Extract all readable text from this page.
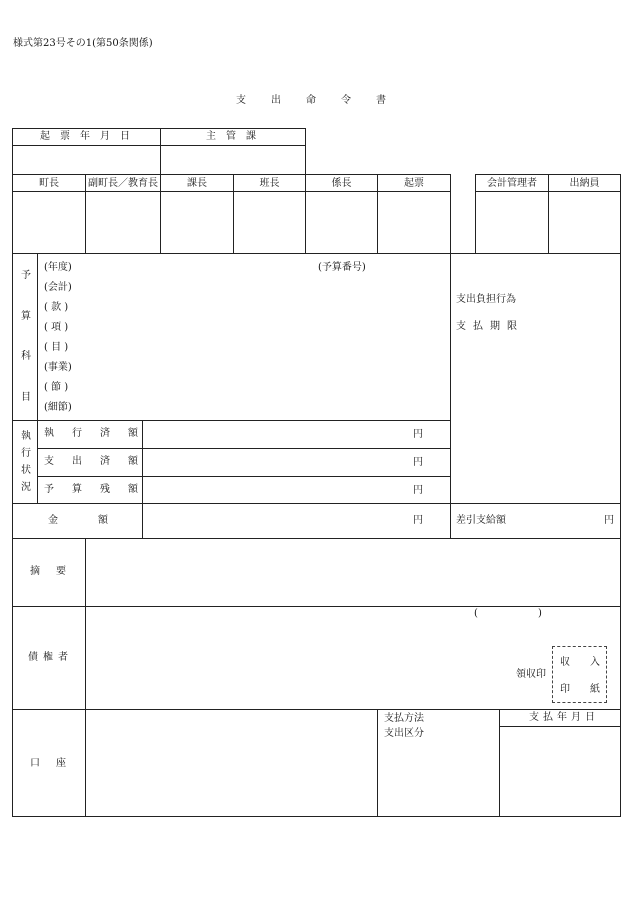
様式第23号その1(第50条関係)
支	出	命	令	書
起 票 年 月 日	主 管 課
町長	副町長／教育長	課長	班長	係長	起票	会計管理者	出納員
予
算
科
目
(年度)
(会計)
( 款 )
( 項 )
( 目 )
(事業)
( 節 )
(細節)
(予算番号)
支出負担行為
支 払 期 限
執
行
状
況
執 行 済 額	円
支 出 済 額	円
予 算 残 額	円
金	額	円	差引支給額	円
摘 要
債 権 者
(	)
領収印
収 入
印 紙
口 座
支払方法
支出区分
支 払 年 月 日
